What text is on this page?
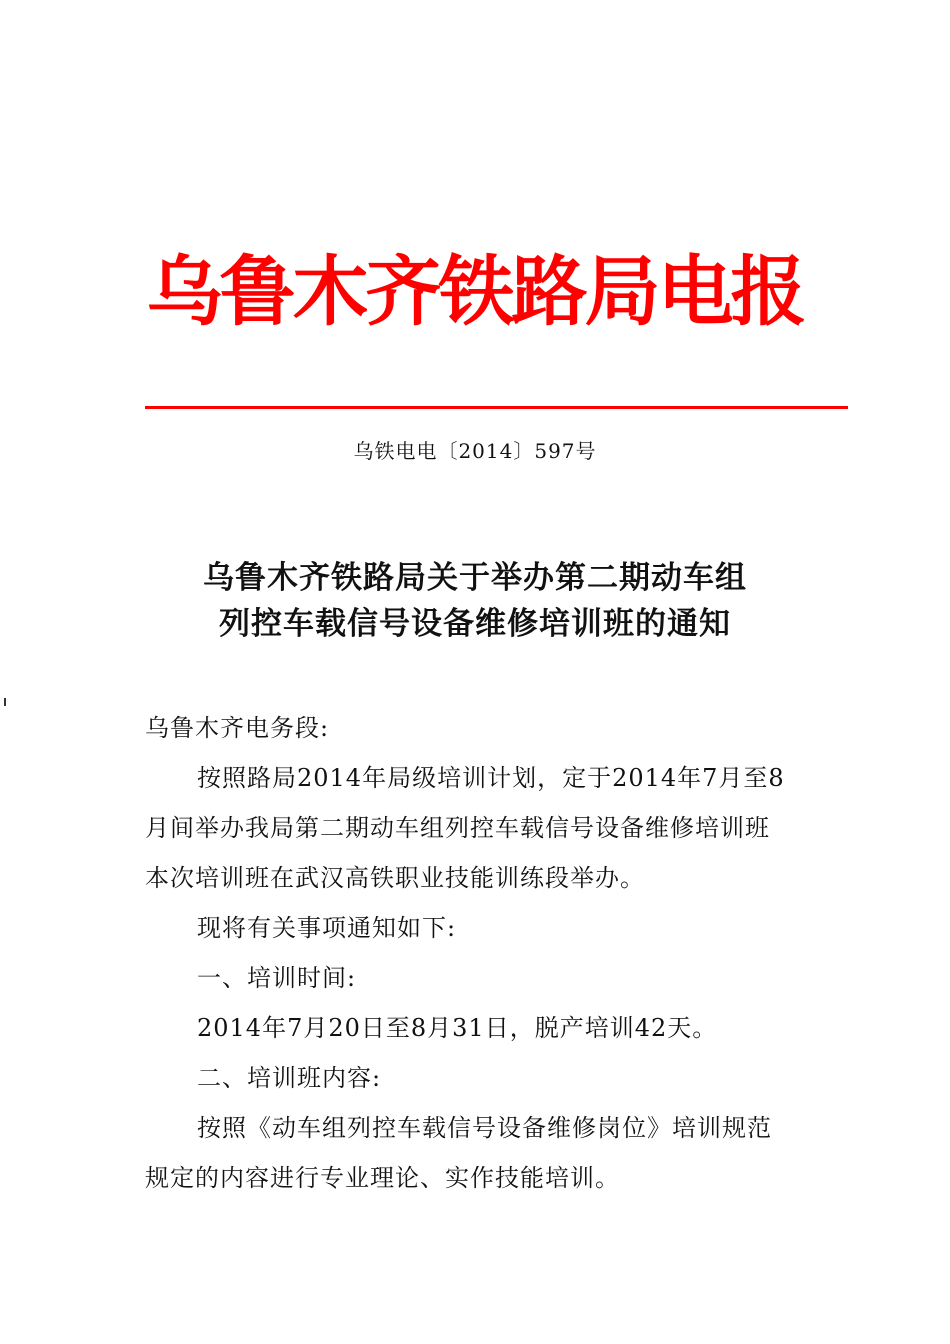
乌鲁木齐铁路局电报
乌铁电电〔2014〕597号
乌鲁木齐铁路局关于举办第二期动车组
列控车载信号设备维修培训班的通知
乌鲁木齐电务段:
按照路局2014年局级培训计划，定于2014年7月至8
月间举办我局第二期动车组列控车载信号设备维修培训班
本次培训班在武汉高铁职业技能训练段举办。
现将有关事项通知如下:
一、培训时间:
2014年7月20日至8月31日，脱产培训42天。
二、培训班内容:
按照《动车组列控车载信号设备维修岗位》培训规范
规定的内容进行专业理论、实作技能培训。
